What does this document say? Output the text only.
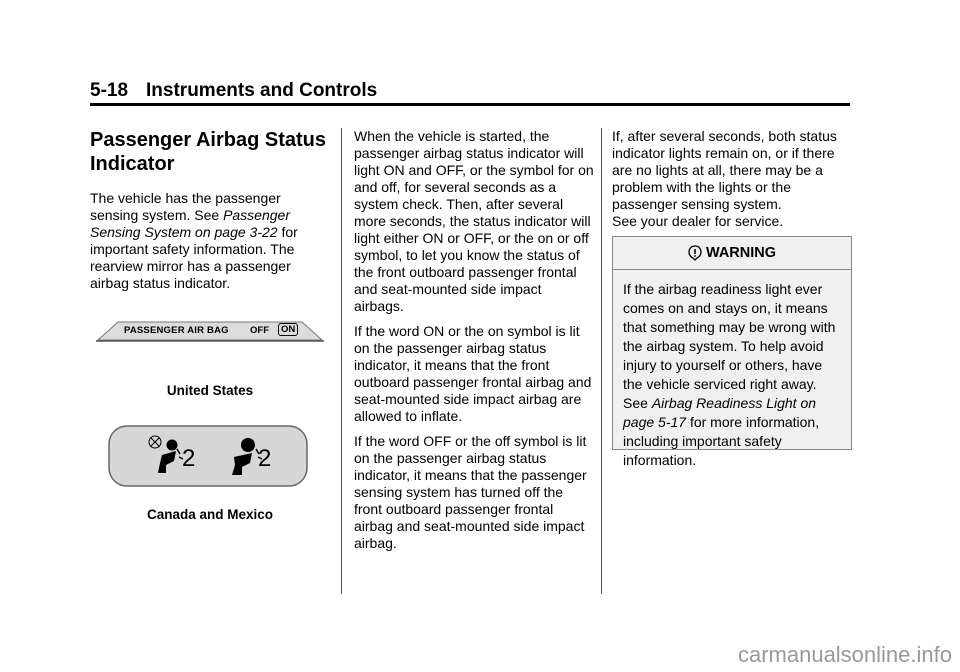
5-18 Instruments and Controls
Passenger Airbag Status Indicator

The vehicle has the passenger sensing system. See Passenger Sensing System on page 3-22 for important safety information. The rearview mirror has a passenger airbag status indicator.

PASSENGER AIR BAG OFF	ON
United States
2	2
Canada and Mexico

When the vehicle is started, the passenger airbag status indicator will light ON and OFF, or the symbol for on and off, for several seconds as a system check. Then, after several more seconds, the status indicator will light either ON or OFF, or the on or off symbol, to let you know the status of the front outboard passenger frontal and seat-mounted side impact airbags.

If the word ON or the on symbol is lit on the passenger airbag status indicator, it means that the front outboard passenger frontal airbag and seat-mounted side impact airbag are allowed to inflate.

If the word OFF or the off symbol is lit on the passenger airbag status indicator, it means that the passenger sensing system has turned off the front outboard passenger frontal airbag and seat-mounted side impact airbag.

If, after several seconds, both status indicator lights remain on, or if there are no lights at all, there may be a problem with the lights or the passenger sensing system.
See your dealer for service.

WARNING
If the airbag readiness light ever comes on and stays on, it means that something may be wrong with the airbag system. To help avoid injury to yourself or others, have the vehicle serviced right away. See Airbag Readiness Light on page 5-17 for more information, including important safety information.
carmanualsonline.info
